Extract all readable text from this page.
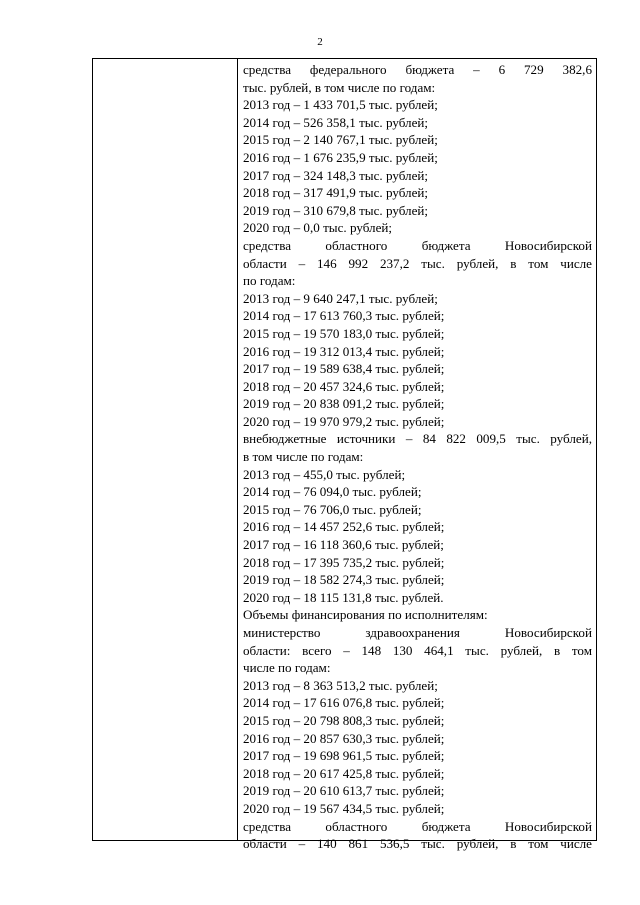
2
средства федерального бюджета – 6 729 382,6
тыс. рублей, в том числе по годам:
2013 год – 1 433 701,5 тыс. рублей;
2014 год – 526 358,1 тыс. рублей;
2015 год – 2 140 767,1 тыс. рублей;
2016 год – 1 676 235,9 тыс. рублей;
2017 год – 324 148,3 тыс. рублей;
2018 год – 317 491,9 тыс. рублей;
2019 год – 310 679,8 тыс. рублей;
2020 год – 0,0 тыс. рублей;
средства областного бюджета Новосибирской
области – 146 992 237,2 тыс. рублей, в том числе
по годам:
2013 год – 9 640 247,1 тыс. рублей;
2014 год – 17 613 760,3 тыс. рублей;
2015 год – 19 570 183,0 тыс. рублей;
2016 год – 19 312 013,4 тыс. рублей;
2017 год – 19 589 638,4 тыс. рублей;
2018 год – 20 457 324,6 тыс. рублей;
2019 год – 20 838 091,2 тыс. рублей;
2020 год – 19 970 979,2 тыс. рублей;
внебюджетные источники – 84 822 009,5 тыс. рублей,
в том числе по годам:
2013 год – 455,0 тыс. рублей;
2014 год – 76 094,0 тыс. рублей;
2015 год – 76 706,0 тыс. рублей;
2016 год – 14 457 252,6 тыс. рублей;
2017 год – 16 118 360,6 тыс. рублей;
2018 год – 17 395 735,2 тыс. рублей;
2019 год – 18 582 274,3 тыс. рублей;
2020 год – 18 115 131,8 тыс. рублей.
Объемы финансирования по исполнителям:
министерство здравоохранения Новосибирской
области: всего – 148 130 464,1 тыс. рублей, в том
числе по годам:
2013 год – 8 363 513,2 тыс. рублей;
2014 год – 17 616 076,8 тыс. рублей;
2015 год – 20 798 808,3 тыс. рублей;
2016 год – 20 857 630,3 тыс. рублей;
2017 год – 19 698 961,5 тыс. рублей;
2018 год – 20 617 425,8 тыс. рублей;
2019 год – 20 610 613,7 тыс. рублей;
2020 год – 19 567 434,5 тыс. рублей;
средства областного бюджета Новосибирской
области – 140 861 536,5 тыс. рублей, в том числе
